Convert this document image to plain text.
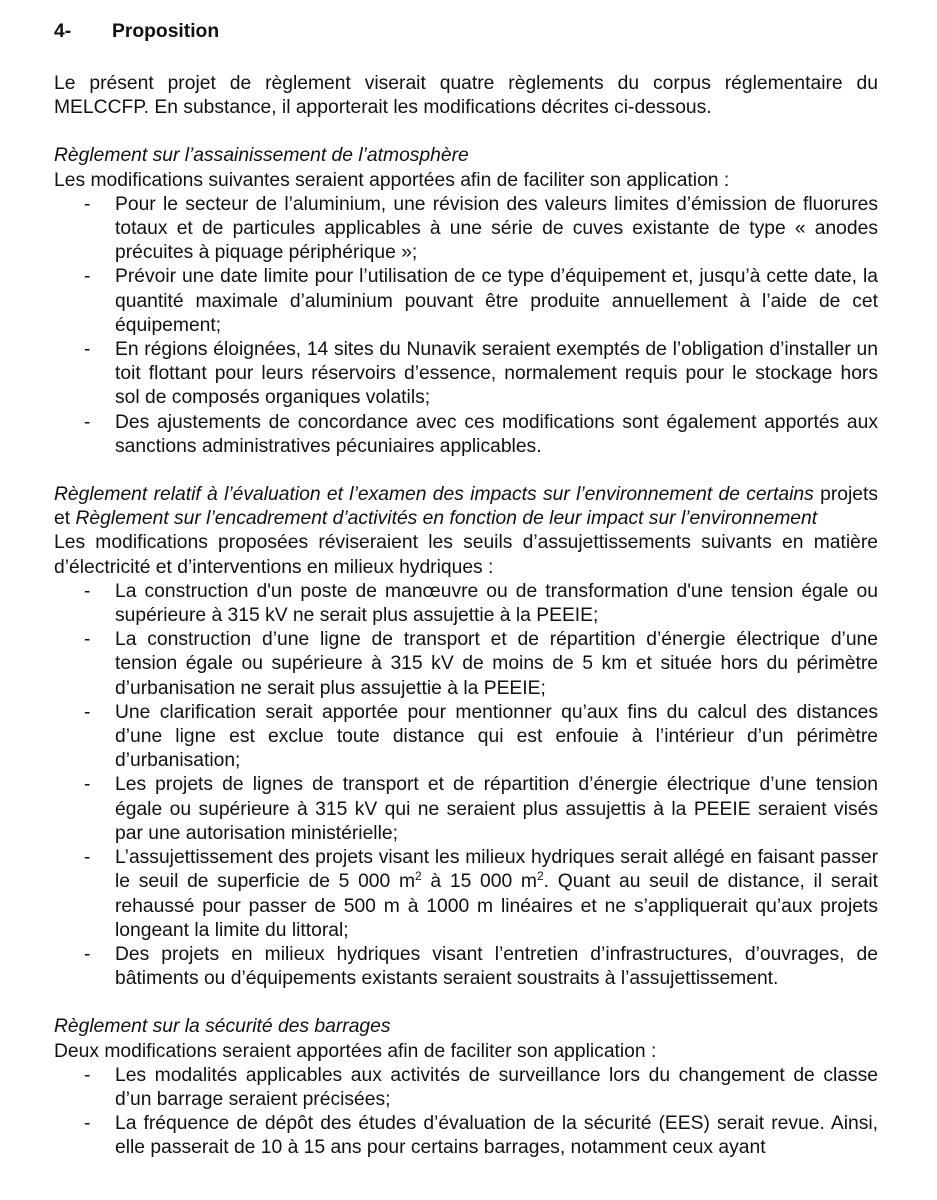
4-	Proposition

Le présent projet de règlement viserait quatre règlements du corpus réglementaire du MELCCFP. En substance, il apporterait les modifications décrites ci-dessous.

Règlement sur l’assainissement de l’atmosphère

Les modifications suivantes seraient apportées afin de faciliter son application :

- Pour le secteur de l’aluminium, une révision des valeurs limites d’émission de fluorures totaux et de particules applicables à une série de cuves existante de type « anodes précuites à piquage périphérique »;
- Prévoir une date limite pour l’utilisation de ce type d’équipement et, jusqu’à cette date, la quantité maximale d’aluminium pouvant être produite annuellement à l’aide de cet équipement;
- En régions éloignées, 14 sites du Nunavik seraient exemptés de l’obligation d’installer un toit flottant pour leurs réservoirs d’essence, normalement requis pour le stockage hors sol de composés organiques volatils;
- Des ajustements de concordance avec ces modifications sont également apportés aux sanctions administratives pécuniaires applicables.

Règlement relatif à l’évaluation et l’examen des impacts sur l’environnement de certains projets et Règlement sur l’encadrement d’activités en fonction de leur impact sur l’environnement

Les modifications proposées réviseraient les seuils d’assujettissements suivants en matière d’électricité et d’interventions en milieux hydriques :

- La construction d'un poste de manœuvre ou de transformation d'une tension égale ou supérieure à 315 kV ne serait plus assujettie à la PEEIE;
- La construction d’une ligne de transport et de répartition d’énergie électrique d’une tension égale ou supérieure à 315 kV de moins de 5 km et située hors du périmètre d’urbanisation ne serait plus assujettie à la PEEIE;
- Une clarification serait apportée pour mentionner qu’aux fins du calcul des distances d’une ligne est exclue toute distance qui est enfouie à l’intérieur d’un périmètre d’urbanisation;
- Les projets de lignes de transport et de répartition d’énergie électrique d’une tension égale ou supérieure à 315 kV qui ne seraient plus assujettis à la PEEIE seraient visés par une autorisation ministérielle;
- L’assujettissement des projets visant les milieux hydriques serait allégé en faisant passer le seuil de superficie de 5 000 $m^2$ à 15 000 $m^2$. Quant au seuil de distance, il serait rehaussé pour passer de 500 m à 1000 m linéaires et ne s’appliquerait qu’aux projets longeant la limite du littoral;
- Des projets en milieux hydriques visant l’entretien d’infrastructures, d’ouvrages, de bâtiments ou d’équipements existants seraient soustraits à l’assujettissement.

Règlement sur la sécurité des barrages

Deux modifications seraient apportées afin de faciliter son application :

- Les modalités applicables aux activités de surveillance lors du changement de classe d’un barrage seraient précisées;
- La fréquence de dépôt des études d’évaluation de la sécurité (EES) serait revue. Ainsi, elle passerait de 10 à 15 ans pour certains barrages, notamment ceux ayant
